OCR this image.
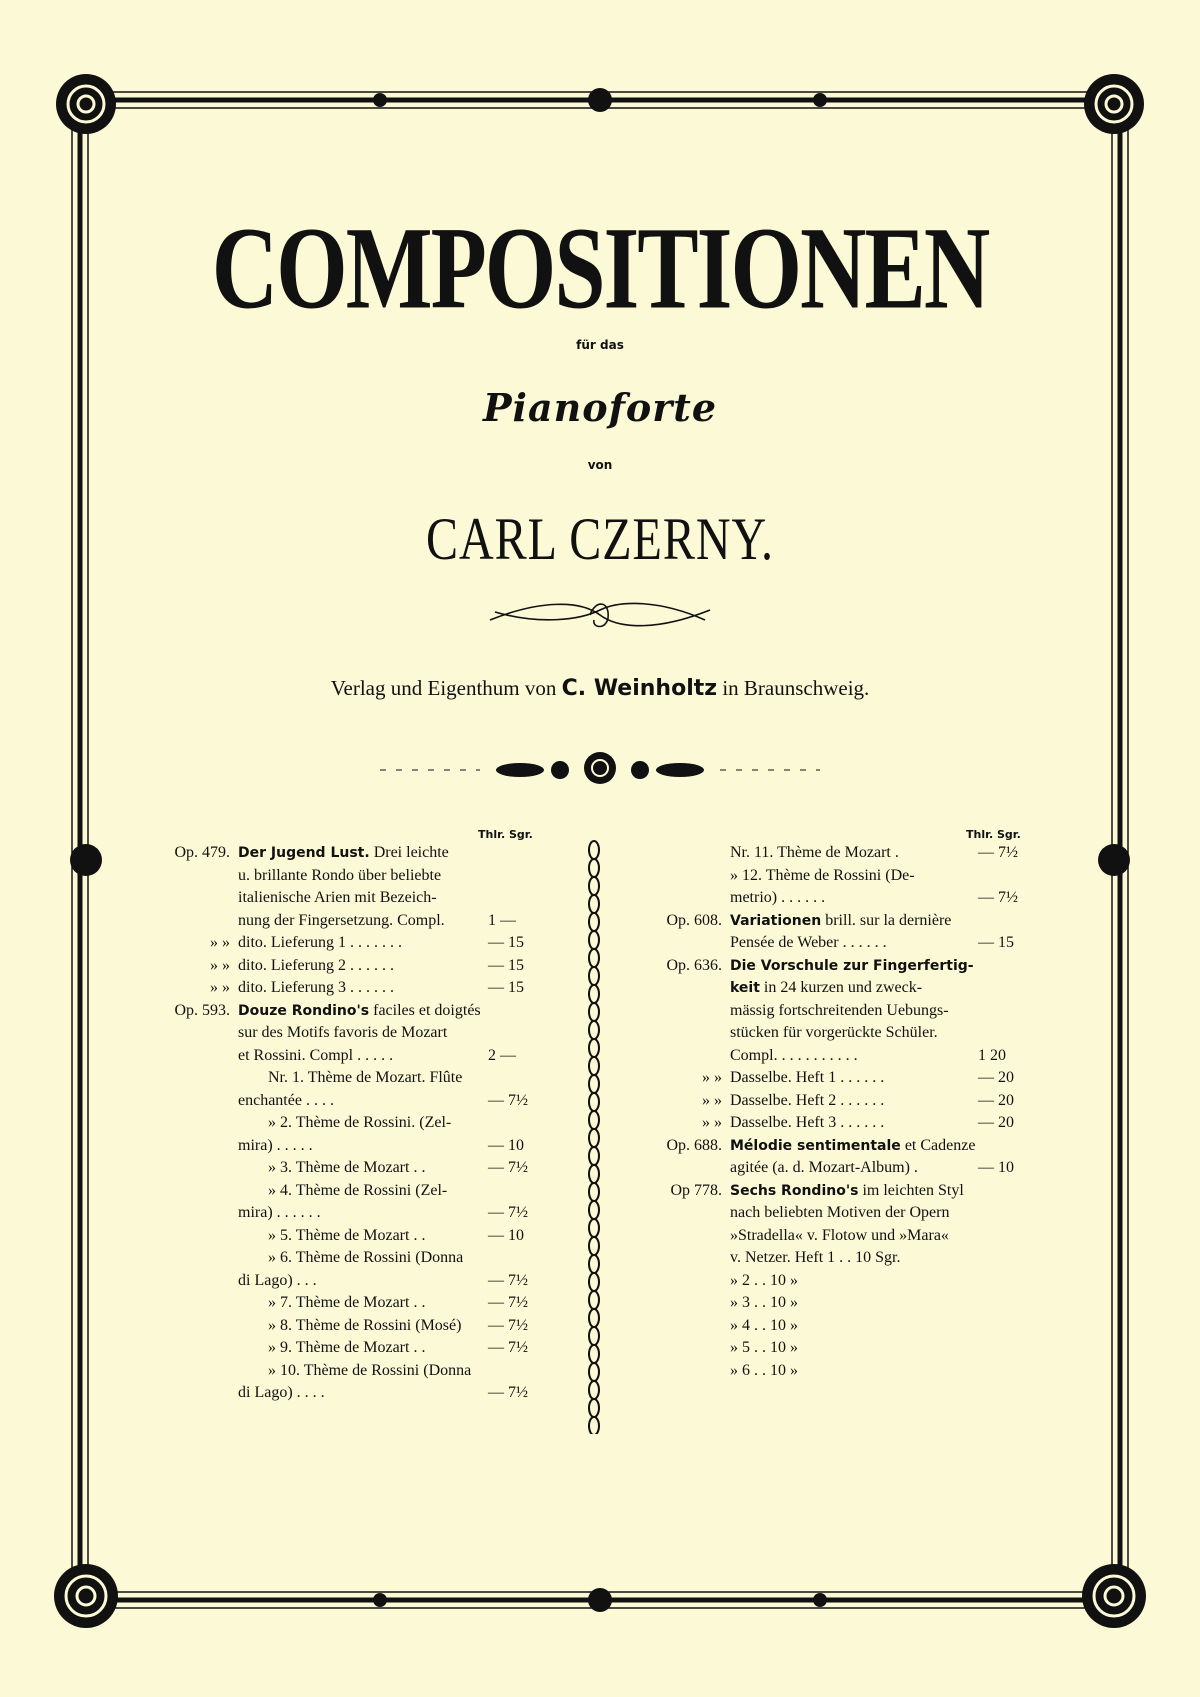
COMPOSITIONEN
für das
Pianoforte
von
CARL CZERNY.
Verlag und Eigenthum von C. Weinholtz in Braunschweig.
Thlr. Sgr.
Op. 479. Der Jugend Lust. Drei leichte
u. brillante Rondo über beliebte
italienische Arien mit Bezeich-
nung der Fingersetzung. Compl.	1 —
» » dito. Lieferung 1 . . . . . . .	— 15
» » dito. Lieferung 2 . . . . . .	— 15
» » dito. Lieferung 3 . . . . . .	— 15
Op. 593. Douze Rondino's faciles et doigtés
sur des Motifs favoris de Mozart
et Rossini. Compl . . . . .	2 —
Nr. 1. Thème de Mozart. Flûte
enchantée . . . .	— 7½
» 2. Thème de Rossini. (Zel-
mira) . . . . .	— 10
» 3. Thème de Mozart . .	— 7½
» 4. Thème de Rossini (Zel-
mira) . . . . . .	— 7½
» 5. Thème de Mozart . .	— 10
» 6. Thème de Rossini (Donna
di Lago) . . .	— 7½
» 7. Thème de Mozart . .	— 7½
» 8. Thème de Rossini (Mosé)	— 7½
» 9. Thème de Mozart . .	— 7½
» 10. Thème de Rossini (Donna
di Lago) . . . .	— 7½
Thlr. Sgr.
Nr. 11. Thème de Mozart .	— 7½
» 12. Thème de Rossini (De-
metrio) . . . . . .	— 7½
Op. 608. Variationen brill. sur la dernière
Pensée de Weber . . . . . .	— 15
Op. 636. Die Vorschule zur Fingerfertig-
keit in 24 kurzen und zweck-
mässig fortschreitenden Uebungs-
stücken für vorgerückte Schüler.
Compl. . . . . . . . . . .	1 20
» » Dasselbe. Heft 1 . . . . . .	— 20
» » Dasselbe. Heft 2 . . . . . .	— 20
» » Dasselbe. Heft 3 . . . . . .	— 20
Op. 688. Mélodie sentimentale et Cadenze
agitée (a. d. Mozart-Album) .	— 10
Op 778. Sechs Rondino's im leichten Styl
nach beliebten Motiven der Opern
»Stradella« v. Flotow und »Mara«
v. Netzer. Heft 1 . . 10 Sgr.
» 2 . . 10 »
» 3 . . 10 »
» 4 . . 10 »
» 5 . . 10 »
» 6 . . 10 »
